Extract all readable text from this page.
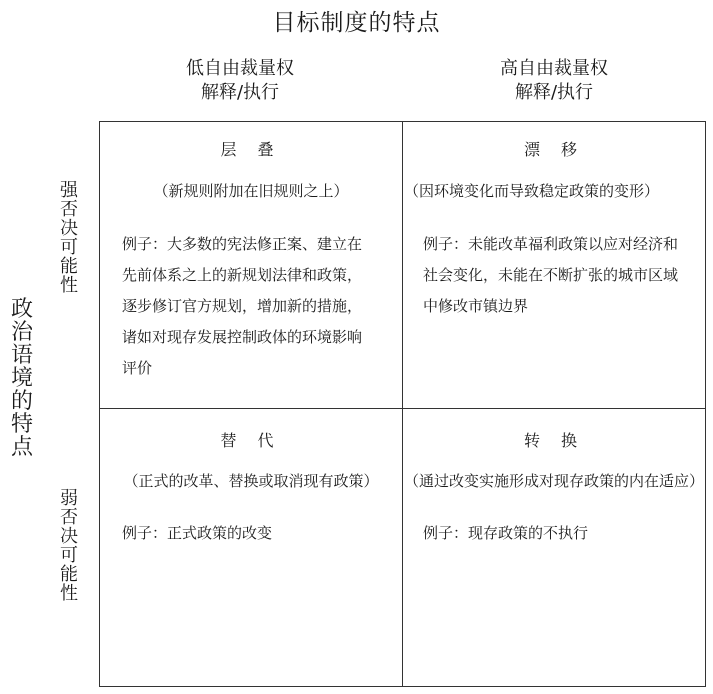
目标制度的特点
低自由裁量权
解释/执行
高自由裁量权
解释/执行
政
治
语
境
的
特
点
强
否
决
可
能
性
弱
否
决
可
能
性
层 叠
（新规则附加在旧规则之上）
例子：大多数的宪法修正案、建立在先前体系之上的新规划法律和政策，逐步修订官方规划，增加新的措施，诸如对现存发展控制政体的环境影响评价
漂 移
（因环境变化而导致稳定政策的变形）
例子：未能改革福利政策以应对经济和社会变化，未能在不断扩张的城市区域中修改市镇边界
替 代
（正式的改革、替换或取消现有政策）
例子：正式政策的改变
转 换
（通过改变实施形成对现存政策的内在适应）
例子：现存政策的不执行
